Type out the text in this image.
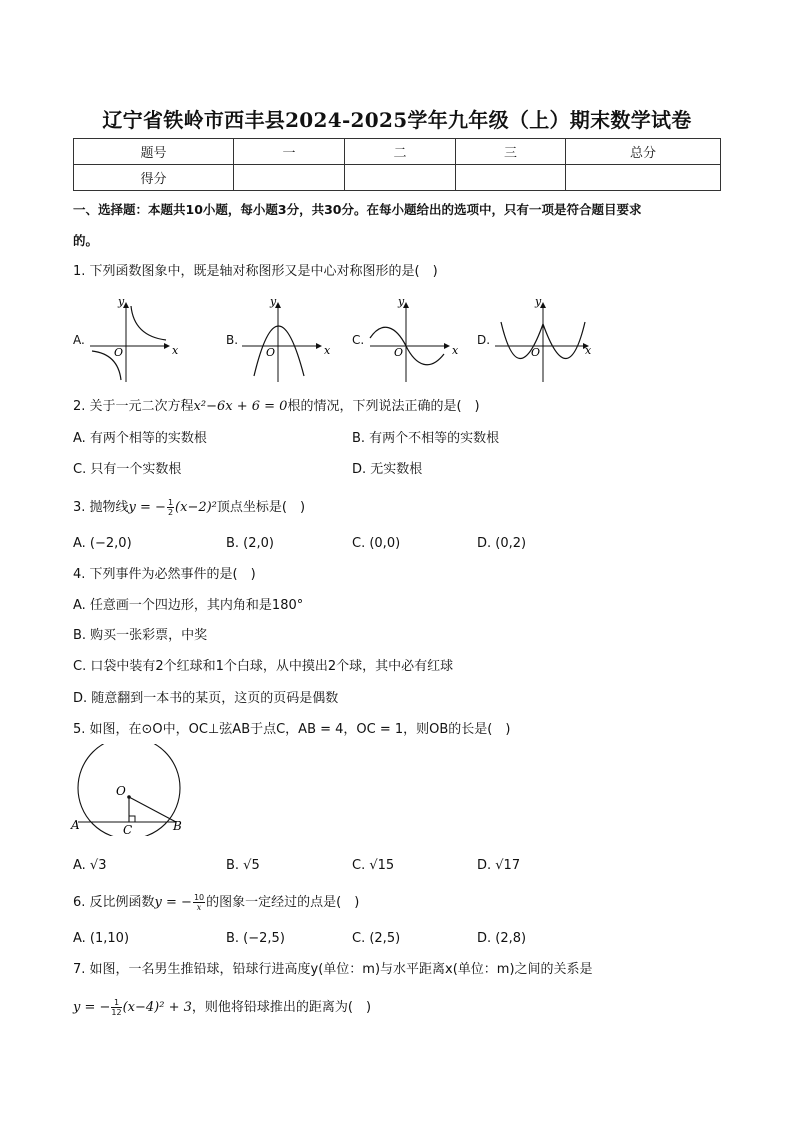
辽宁省铁岭市西丰县2024-2025学年九年级（上）期末数学试卷
题号	一	二	三	总分
得分				
一、选择题：本题共10小题，每小题3分，共30分。在每小题给出的选项中，只有一项是符合题目要求
的。
1. 下列函数图象中，既是轴对称图形又是中心对称图形的是(　)
A.	B.	C.	D.
y
x
O
y
x
O
y
x
O
y
x
O
2. 关于一元二次方程x²−6x + 6 = 0根的情况，下列说法正确的是(　)
A. 有两个相等的实数根	B. 有两个不相等的实数根
C. 只有一个实数根	D. 无实数根
3. 抛物线y = − $\frac{1}{2} (x-2)^2$顶点坐标是(　)
A. (−2,0)	B. (2,0)	C. (0,0)	D. (0,2)
4. 下列事件为必然事件的是(　)
A. 任意画一个四边形，其内角和是180°
B. 购买一张彩票，中奖
C. 口袋中装有2个红球和1个白球，从中摸出2个球，其中必有红球
D. 随意翻到一本书的某页，这页的页码是偶数
5. 如图，在⊙O中，OC⊥弦AB于点C，AB = 4，OC = 1，则OB的长是(　)
O
A	C	B
A. √3	B. √5	C. √15	D. √17
6. 反比例函数y = − $\frac{10}{x}$ 的图象一定经过的点是(　)
A. (1,10)	B. (−2,5)	C. (2,5)	D. (2,8)
7. 如图，一名男生推铅球，铅球行进高度y(单位：m)与水平距离x(单位：m)之间的关系是
y = − $\frac{1}{12} (x-4)^2 + 3$，则他将铅球推出的距离为(　)
